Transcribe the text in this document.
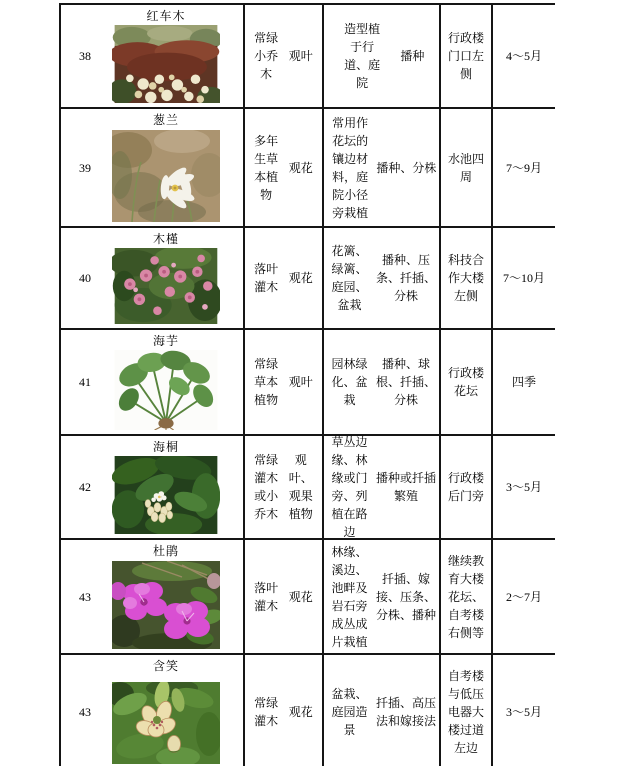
38
红车木
常绿小乔木
观叶
造型植于行道、庭院
播种
行政楼门口左侧
4～5月
39
葱兰
多年生草本植物
观花
常用作花坛的镶边材料，庭院小径旁栽植
播种、分株
水池四周
7～9月
40
木槿
落叶灌木
观花
花篱、绿篱、庭园、盆栽
播种、压条、扦插、分株
科技合作大楼左侧
7～10月
41
海芋
常绿草本植物
观叶
园林绿化、盆栽
播种、球根、扦插、分株
行政楼花坛
四季
42
海桐
常绿灌木或小乔木
观叶、观果植物
草丛边缘、林缘或门旁、列植在路边
播种或扦插繁殖
行政楼后门旁
3～5月
43
杜鹃
落叶灌木
观花
林缘、溪边、池畔及岩石旁成丛成片栽植
扦插、嫁接、压条、分株、播种
继续教育大楼花坛、自考楼右侧等
2～7月
43
含笑
常绿灌木
观花
盆栽、庭园造景
扦插、高压法和嫁接法
自考楼与低压电器大楼过道左边
3～5月
